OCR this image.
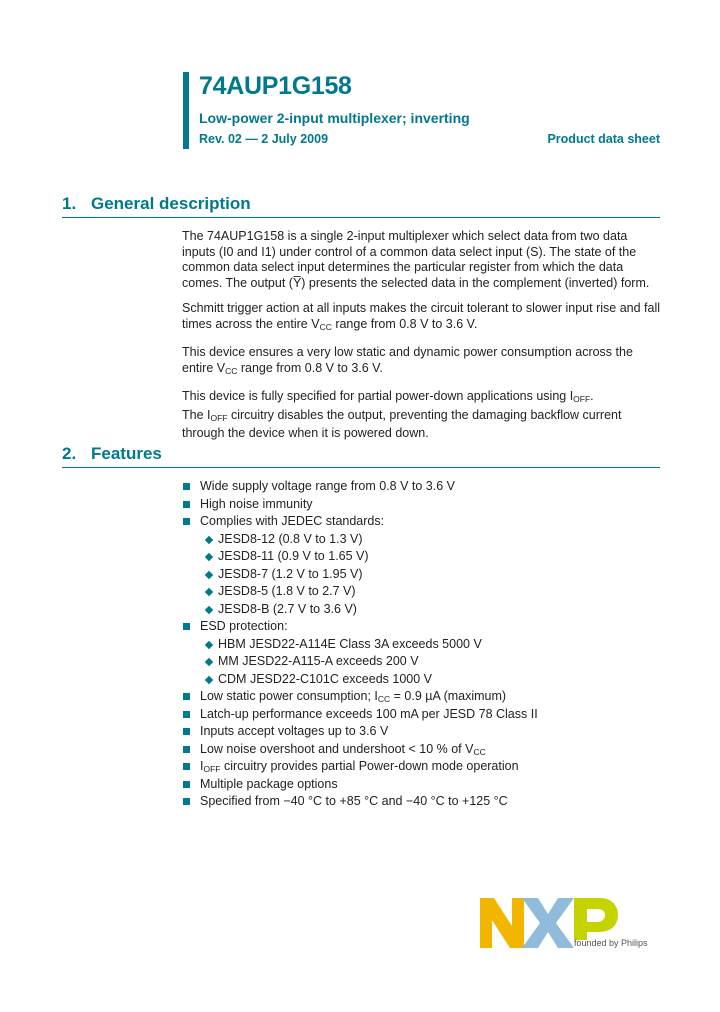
74AUP1G158
Low-power 2-input multiplexer; inverting
Rev. 02 — 2 July 2009	Product data sheet
1. General description

The 74AUP1G158 is a single 2-input multiplexer which select data from two data inputs (I0 and I1) under control of a common data select input (S). The state of the common data select input determines the particular register from which the data comes. The output (Y̅) presents the selected data in the complement (inverted) form.

Schmitt trigger action at all inputs makes the circuit tolerant to slower input rise and fall times across the entire $V_{CC}$ range from 0.8 V to 3.6 V.

This device ensures a very low static and dynamic power consumption across the entire $V_{CC}$ range from 0.8 V to 3.6 V.

This device is fully specified for partial power-down applications using $I_{OFF}$.

The $I_{OFF}$ circuitry disables the output, preventing the damaging backflow current through the device when it is powered down.

2. Features
Wide supply voltage range from 0.8 V to 3.6 V
High noise immunity
Complies with JEDEC standards:
JESD8-12 (0.8 V to 1.3 V)
JESD8-11 (0.9 V to 1.65 V)
JESD8-7 (1.2 V to 1.95 V)
JESD8-5 (1.8 V to 2.7 V)
JESD8-B (2.7 V to 3.6 V)
ESD protection:
HBM JESD22-A114E Class 3A exceeds 5000 V
MM JESD22-A115-A exceeds 200 V
CDM JESD22-C101C exceeds 1000 V
Low static power consumption; $I_{CC} = 0.9$ µA (maximum)
Latch-up performance exceeds 100 mA per JESD 78 Class II
Inputs accept voltages up to 3.6 V
Low noise overshoot and undershoot < 10 % of $V_{CC}$
$I_{OFF}$ circuitry provides partial Power-down mode operation
Multiple package options
Specified from −40 °C to +85 °C and −40 °C to +125 °C
founded by Philips
